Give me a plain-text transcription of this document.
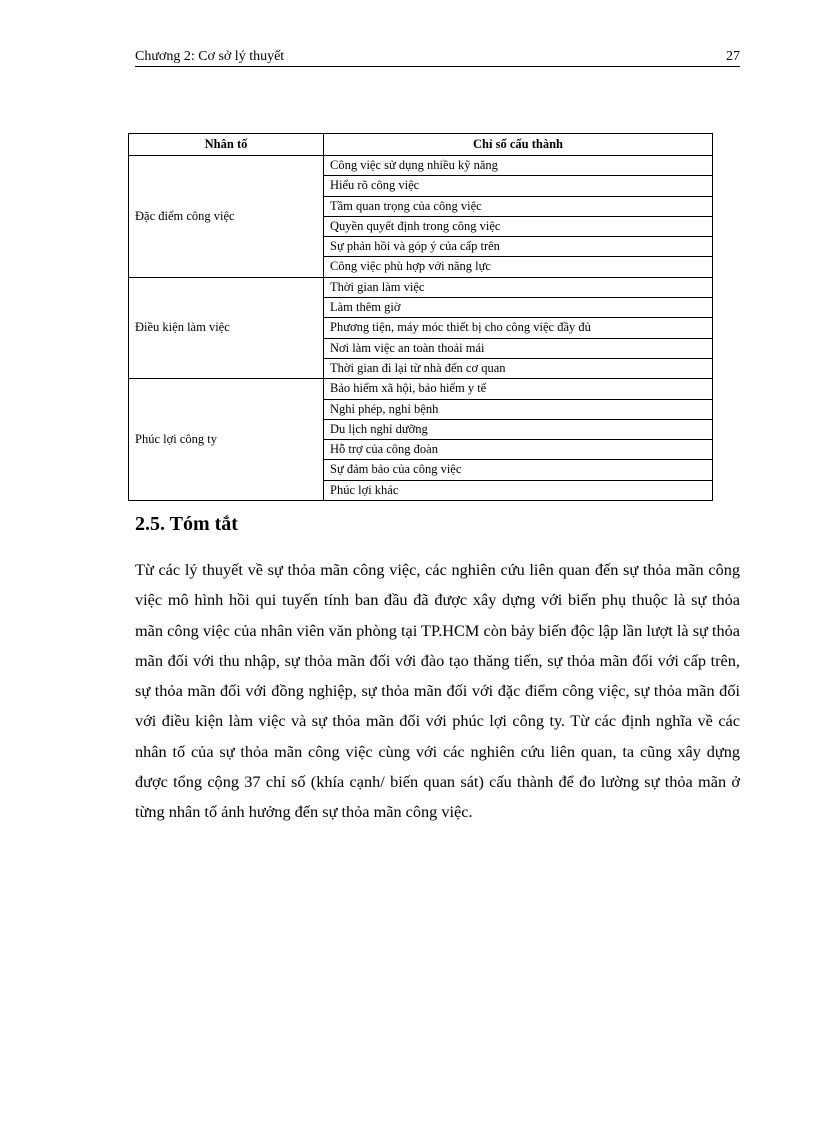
Chương 2: Cơ sở lý thuyết	27
Nhân tố	Chỉ số cấu thành
Đặc điểm công việc	Công việc sử dụng nhiều kỹ năng
	Hiểu rõ công việc
	Tầm quan trọng của công việc
	Quyền quyết định trong công việc
	Sự phản hồi và góp ý của cấp trên
	Công việc phù hợp với năng lực
Điều kiện làm việc	Thời gian làm việc
	Làm thêm giờ
	Phương tiện, máy móc thiết bị cho công việc đầy đủ
	Nơi làm việc an toàn thoải mái
	Thời gian đi lại từ nhà đến cơ quan
Phúc lợi công ty	Bảo hiểm xã hội, bảo hiểm y tế
	Nghỉ phép, nghỉ bệnh
	Du lịch nghỉ dưỡng
	Hỗ trợ của công đoàn
	Sự đảm bảo của công việc
	Phúc lợi khác
2.5. Tóm tắt

Từ các lý thuyết về sự thỏa mãn công việc, các nghiên cứu liên quan đến sự thỏa mãn công việc mô hình hồi qui tuyến tính ban đầu đã được xây dựng với biến phụ thuộc là sự thỏa mãn công việc của nhân viên văn phòng tại TP.HCM còn bảy biến độc lập lần lượt là sự thỏa mãn đối với thu nhập, sự thỏa mãn đối với đào tạo thăng tiến, sự thỏa mãn đối với cấp trên, sự thỏa mãn đối với đồng nghiệp, sự thỏa mãn đối với đặc điểm công việc, sự thỏa mãn đối với điều kiện làm việc và sự thỏa mãn đối với phúc lợi công ty. Từ các định nghĩa về các nhân tố của sự thỏa mãn công việc cùng với các nghiên cứu liên quan, ta cũng xây dựng được tổng cộng 37 chỉ số (khía cạnh/ biến quan sát) cấu thành để đo lường sự thỏa mãn ở từng nhân tố ảnh hưởng đến sự thỏa mãn công việc.
